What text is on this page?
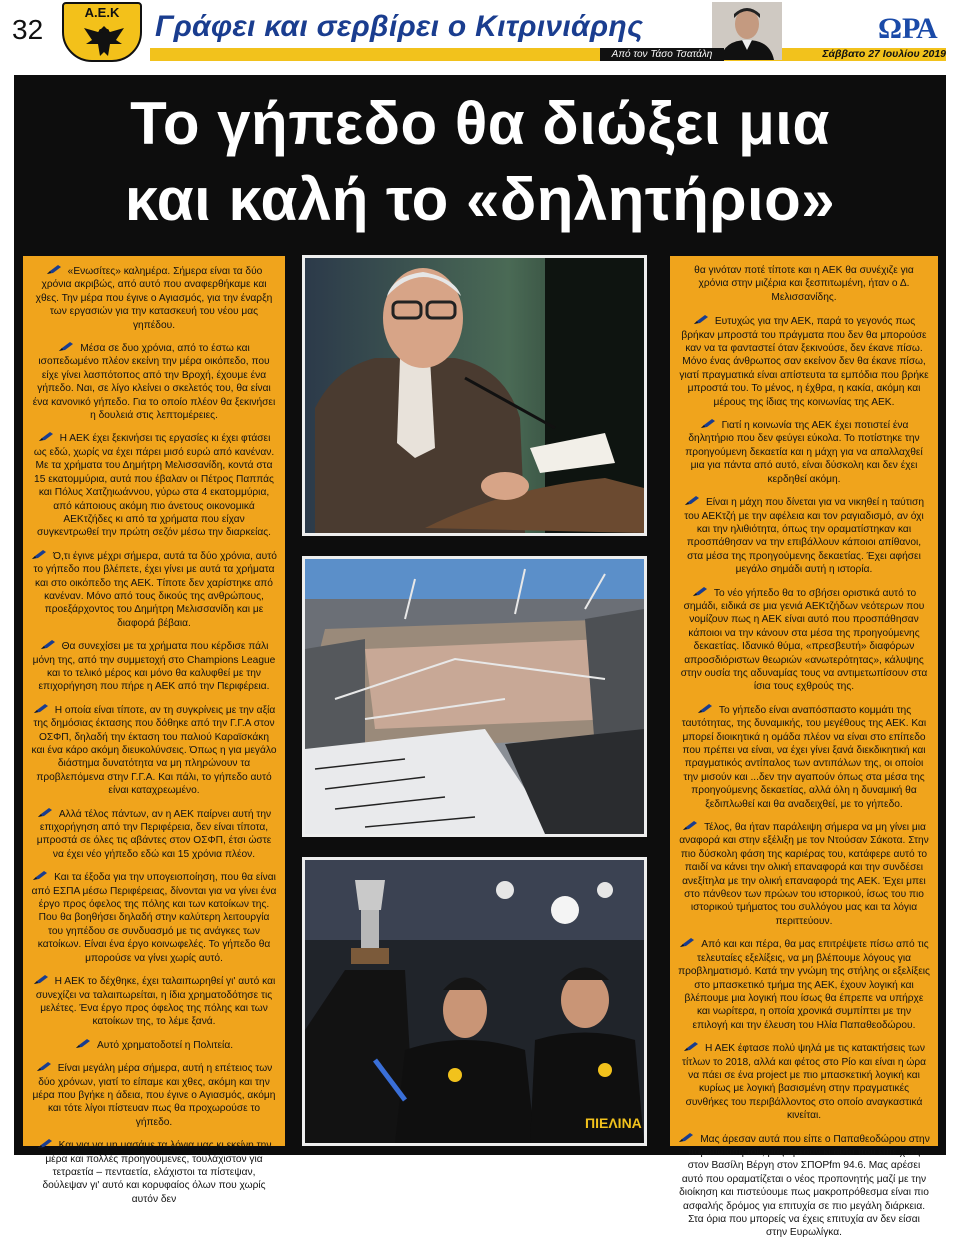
32
Α.Ε.Κ	Γράφει και σερβίρει ο Κιτρινιάρης
Από τον Τάσο Τσατάλη
ΩΡΑ
Σάββατο 27 Ιουλίου 2019
Το γήπεδο θα διώξει μια
και καλή το «δηλητήριο»
«Ενωσίτες» καλημέρα. Σήμερα είναι τα δύο χρόνια ακριβώς, από αυτό που αναφερθήκαμε και χθες. Την μέρα που έγινε ο Αγιασμός, για την έναρξη των εργασιών για την κατασκευή του νέου μας γηπέδου.
Μέσα σε δυο χρόνια, από το έστω και ισοπεδωμένο πλέον εκείνη την μέρα οικόπεδο, που είχε γίνει λασπότοπος από την Βροχή, έχουμε ένα γήπεδο. Ναι, σε λίγο κλείνει ο σκελετός του, θα είναι ένα κανονικό γήπεδο. Για το οποίο πλέον θα ξεκινήσει η δουλειά στις λεπτομέρειες.
Η ΑΕΚ έχει ξεκινήσει τις εργασίες κι έχει φτάσει ως εδώ, χωρίς να έχει πάρει μισό ευρώ από κανέναν. Με τα χρήματα του Δημήτρη Μελισσανίδη, κοντά στα 15 εκατομμύρια, αυτά που έβαλαν οι Πέτρος Παππάς και Πόλυς Χατζηιωάννου, γύρω στα 4 εκατομμύρια, από κάποιους ακόμη πιο άνετους οικονομικά ΑΕΚτζήδες κι από τα χρήματα που είχαν συγκεντρωθεί την πρώτη σεζόν μέσω την διαρκείας.
Ό,τι έγινε μέχρι σήμερα, αυτά τα δύο χρόνια, αυτό το γήπεδο που βλέπετε, έχει γίνει με αυτά τα χρήματα και στο οικόπεδο της ΑΕΚ. Τίποτε δεν χαρίστηκε από κανέναν. Μόνο από τους δικούς της ανθρώπους, προεξάρχοντος του Δημήτρη Μελισσανίδη και με διαφορά βέβαια.
Θα συνεχίσει με τα χρήματα που κέρδισε πάλι μόνη της, από την συμμετοχή στο Champions League και το τελικό μέρος και μόνο θα καλυφθεί με την επιχορήγηση που πήρε η ΑΕΚ από την Περιφέρεια.
Η οποία είναι τίποτε, αν τη συγκρίνεις με την αξία της δημόσιας έκτασης που δόθηκε από την Γ.Γ.Α στον ΟΣΦΠ, δηλαδή την έκταση του παλιού Καραϊσκάκη και ένα κάρο ακόμη διευκολύνσεις. Όπως η για μεγάλο διάστημα δυνατότητα να μη πληρώνουν τα προβλεπόμενα στην Γ.Γ.Α. Και πάλι, το γήπεδο αυτό είναι καταχρεωμένο.
Αλλά τέλος πάντων, αν η ΑΕΚ παίρνει αυτή την επιχορήγηση από την Περιφέρεια, δεν είναι τίποτα, μπροστά σε όλες τις αβάντες στον ΟΣΦΠ, έτσι ώστε να έχει νέο γήπεδο εδώ και 15 χρόνια πλέον.
Και τα έξοδα για την υπογειοποίηση, που θα είναι από ΕΣΠΑ μέσω Περιφέρειας, δίνονται για να γίνει ένα έργο προς όφελος της πόλης και των κατοίκων της. Που θα βοηθήσει δηλαδή στην καλύτερη λειτουργία του γηπέδου σε συνδυασμό με τις ανάγκες των κατοίκων. Είναι ένα έργο κοινωφελές. Το γήπεδο θα μπορούσε να γίνει χωρίς αυτό.
Η ΑΕΚ το δέχθηκε, έχει ταλαιπωρηθεί γι' αυτό και συνεχίζει να ταλαιπωρείται, η ίδια χρηματοδότησε τις μελέτες. Ένα έργο προς όφελος της πόλης και των κατοίκων της, το λέμε ξανά.
Αυτό χρηματοδοτεί η Πολιτεία.
Είναι μεγάλη μέρα σήμερα, αυτή η επέτειος των δύο χρόνων, γιατί το είπαμε και χθες, ακόμη και την μέρα που βγήκε η άδεια, που έγινε ο Αγιασμός, ακόμη και τότε λίγοι πίστευαν πως θα προχωρούσε το γήπεδο.
Και για να μη μασάμε τα λόγια μας κι εκείνη την μέρα και πολλές προηγούμενες, τουλάχιστον για τετραετία – πενταετία, ελάχιστοι τα πίστεψαν, δούλεψαν γι' αυτό και κορυφαίος όλων που χωρίς αυτόν δεν
ΠΙΕΛΙΝΑ
θα γινόταν ποτέ τίποτε και η ΑΕΚ θα συνέχιζε για χρόνια στην μιζέρια και ξεσπιτωμένη, ήταν ο Δ. Μελισσανίδης.
Ευτυχώς για την ΑΕΚ, παρά το γεγονός πως βρήκαν μπροστά του πράγματα που δεν θα μπορούσε καν να τα φανταστεί όταν ξεκινούσε, δεν έκανε πίσω. Μόνο ένας άνθρωπος σαν εκείνον δεν θα έκανε πίσω, γιατί πραγματικά είναι απίστευτα τα εμπόδια που βρήκε μπροστά του. Το μένος, η έχθρα, η κακία, ακόμη και μέρους της ίδιας της κοινωνίας της ΑΕΚ.
Γιατί η κοινωνία της ΑΕΚ έχει ποτιστεί ένα δηλητήριο που δεν φεύγει εύκολα. Το ποτίστηκε την προηγούμενη δεκαετία και η μάχη για να απαλλαχθεί μια για πάντα από αυτό, είναι δύσκολη και δεν έχει κερδηθεί ακόμη.
Είναι η μάχη που δίνεται για να νικηθεί η ταύτιση του ΑΕΚτζή με την αφέλεια και τον ραγιαδισμό, αν όχι και την ηλιθιότητα, όπως την οραματίστηκαν και προσπάθησαν να την επιβάλλουν κάποιοι απίθανοι, στα μέσα της προηγούμενης δεκαετίας. Έχει αφήσει μεγάλο σημάδι αυτή η ιστορία.
Το νέο γήπεδο θα το σβήσει οριστικά αυτό το σημάδι, ειδικά σε μια γενιά ΑΕΚτζήδων νεότερων που νομίζουν πως η ΑΕΚ είναι αυτό που προσπάθησαν κάποιοι να την κάνουν στα μέσα της προηγούμενης δεκαετίας. Ιδανικό θύμα, «πρεσβευτή» διαφόρων απροσδιόριστων θεωριών «ανωτερότητας», κάλυψης στην ουσία της αδυναμίας τους να αντιμετωπίσουν στα ίσια τους εχθρούς της.
Το γήπεδο είναι αναπόσπαστο κομμάτι της ταυτότητας, της δυναμικής, του μεγέθους της ΑΕΚ. Και μπορεί διοικητικά η ομάδα πλέον να είναι στο επίπεδο που πρέπει να είναι, να έχει γίνει ξανά διεκδικητική και πραγματικός αντίπαλος των αντιπάλων της, οι οποίοι την μισούν και ...δεν την αγαπούν όπως στα μέσα της προηγούμενης δεκαετίας, αλλά όλη η δυναμική θα ξεδιπλωθεί και θα αναδειχθεί, με το γήπεδο.
Τέλος, θα ήταν παράλειψη σήμερα να μη γίνει μια αναφορά και στην εξέλιξη με τον Ντούσαν Σάκοτα. Στην πιο δύσκολη φάση της καριέρας του, κατάφερε αυτό το παιδί να κάνει την ολική επαναφορά και την συνδέσει ανεξίτηλα με την ολική επαναφορά της ΑΕΚ. Έχει μπει στο πάνθεον των πρώων του ιστορικού, ίσως του πιο ιστορικού τμήματος του συλλόγου μας και τα λόγια περιττεύουν.
Από και και πέρα, θα μας επιτρέψετε πίσω από τις τελευταίες εξελίξεις, να μη βλέπουμε λόγους για προβληματισμό. Κατά την γνώμη της στήλης οι εξελίξεις στο μπασκετικό τμήμα της ΑΕΚ, έχουν λογική και βλέπουμε μια λογική που ίσως θα έπρεπε να υπήρχε και νωρίτερα, η οποία χρονικά συμπίπτει με την επιλογή και την έλευση του Ηλία Παπαθεοδώρου.
Η ΑΕΚ έφτασε πολύ ψηλά με τις κατακτήσεις των τίτλων το 2018, αλλά και φέτος στο Ρίο και είναι η ώρα να πάει σε ένα project με πιο μπασκετική λογική και κυρίως με λογική βασισμένη στην πραγματικές συνθήκες του περιβάλλοντος στο οποίο αναγκαστικά κινείται.
Μας άρεσαν αυτά που είπε ο Παπαθεοδώρου στην παρουσίαση του, μας άρεσαν κι αυτά που είπε χθες στον Βασίλη Βέργη στον ΣΠΟΡfm 94.6. Μας αρέσει αυτό που οραματίζεται ο νέος προπονητής μαζί με την διοίκηση και πιστεύουμε πως μακροπρόθεσμα είναι πιο ασφαλής δρόμος για επιτυχία σε πιο μεγάλη διάρκεια. Στα όρια που μπορείς να έχεις επιτυχία αν δεν είσαι στην Ευρωλίγκα.
